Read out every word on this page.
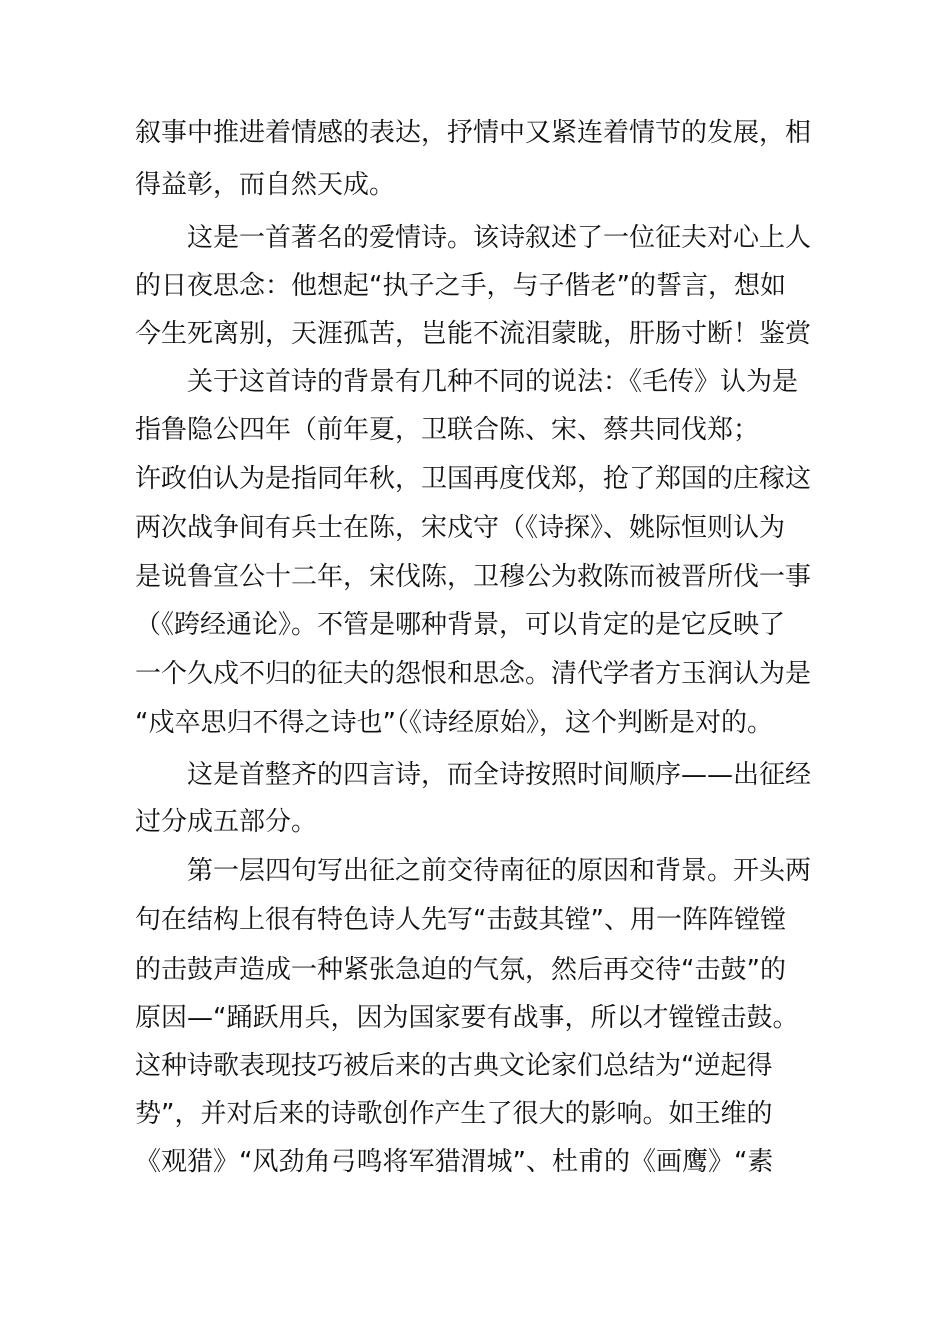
叙事中推进着情感的表达，抒情中又紧连着情节的发展，相
得益彰，而自然天成。
　　这是一首著名的爱情诗。该诗叙述了一位征夫对心上人
的日夜思念：他想起“执子之手，与子偕老”的誓言，想如
今生死离别，天涯孤苦，岂能不流泪蒙眬，肝肠寸断！鉴赏
　　关于这首诗的背景有几种不同的说法：《毛传》认为是
指鲁隐公四年（前年夏，卫联合陈、宋、蔡共同伐郑；
许政伯认为是指同年秋，卫国再度伐郑，抢了郑国的庄稼这
两次战争间有兵士在陈，宋戍守（《诗探》、姚际恒则认为
是说鲁宣公十二年，宋伐陈，卫穆公为救陈而被晋所伐一事
（《跨经通论》。不管是哪种背景，可以肯定的是它反映了
一个久戍不归的征夫的怨恨和思念。清代学者方玉润认为是
“戍卒思归不得之诗也”（《诗经原始》，这个判断是对的。
　　这是首整齐的四言诗，而全诗按照时间顺序——出征经
过分成五部分。
　　第一层四句写出征之前交待南征的原因和背景。开头两
句在结构上很有特色诗人先写“击鼓其镗”、用一阵阵镗镗
的击鼓声造成一种紧张急迫的气氛，然后再交待“击鼓”的
原因—“踊跃用兵，因为国家要有战事，所以才镗镗击鼓。
这种诗歌表现技巧被后来的古典文论家们总结为“逆起得
势”，并对后来的诗歌创作产生了很大的影响。如王维的
《观猎》“风劲角弓鸣将军猎渭城”、杜甫的《画鹰》“素
